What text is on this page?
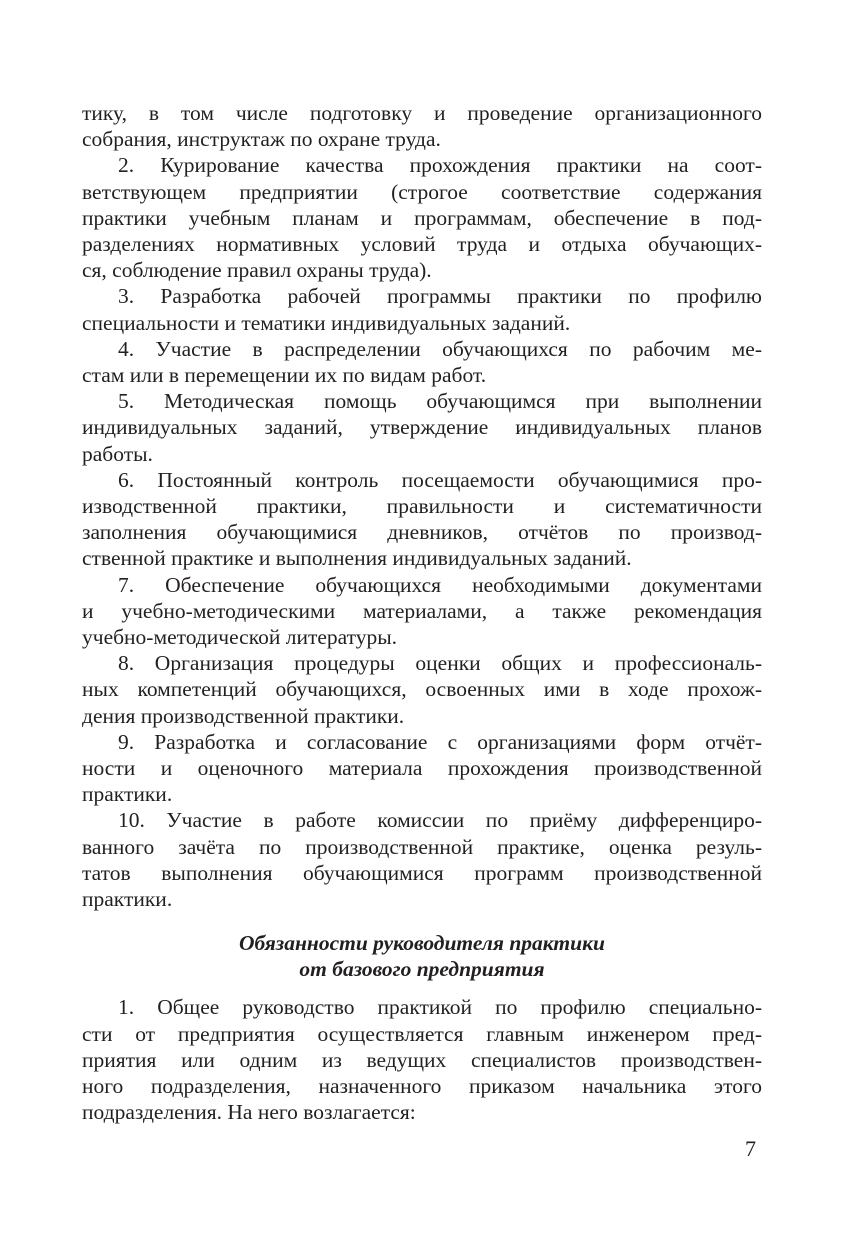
тику, в том числе подготовку и проведение организационного
собрания, инструктаж по охране труда.

2. Курирование качества прохождения практики на соот-
ветствующем предприятии (строгое соответствие содержания
практики учебным планам и программам, обеспечение в под-
разделениях нормативных условий труда и отдыха обучающих-
ся, соблюдение правил охраны труда).

3. Разработка рабочей программы практики по профилю
специальности и тематики индивидуальных заданий.

4. Участие в распределении обучающихся по рабочим ме-
стам или в перемещении их по видам работ.

5. Методическая помощь обучающимся при выполнении
индивидуальных заданий, утверждение индивидуальных планов
работы.

6. Постоянный контроль посещаемости обучающимися про-
изводственной практики, правильности и систематичности
заполнения обучающимися дневников, отчётов по производ-
ственной практике и выполнения индивидуальных заданий.

7. Обеспечение обучающихся необходимыми документами
и учебно-методическими материалами, а также рекомендация
учебно-методической литературы.

8. Организация процедуры оценки общих и профессиональ-
ных компетенций обучающихся, освоенных ими в ходе прохож-
дения производственной практики.

9. Разработка и согласование с организациями форм отчёт-
ности и оценочного материала прохождения производственной
практики.

10. Участие в работе комиссии по приёму дифференциро-
ванного зачёта по производственной практике, оценка резуль-
татов выполнения обучающимися программ производственной
практики.

Обязанности руководителя практики
от базового предприятия

1. Общее руководство практикой по профилю специально-
сти от предприятия осуществляется главным инженером пред-
приятия или одним из ведущих специалистов производствен-
ного подразделения, назначенного приказом начальника этого
подразделения. На него возлагается:

7
